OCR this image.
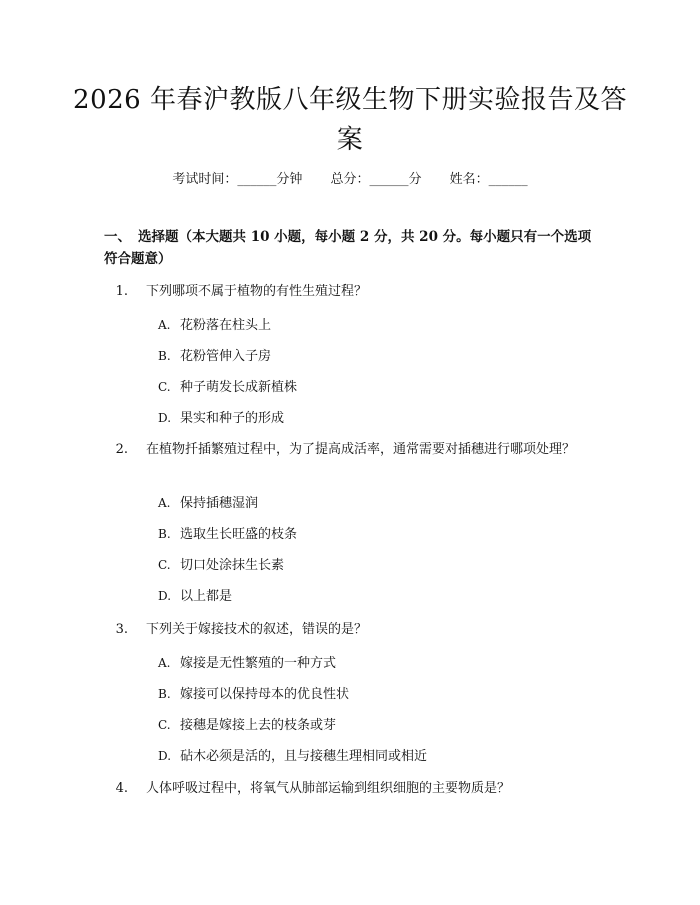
2026 年春沪教版八年级生物下册实验报告及答案
考试时间：______分钟 总分：______分 姓名：______
一、 选择题（本大题共 10 小题，每小题 2 分，共 20 分。每小题只有一个选项符合题意）
1. 下列哪项不属于植物的有性生殖过程？
A. 花粉落在柱头上
B. 花粉管伸入子房
C. 种子萌发长成新植株
D. 果实和种子的形成
2. 在植物扦插繁殖过程中，为了提高成活率，通常需要对插穗进行哪项处理？
A. 保持插穗湿润
B. 选取生长旺盛的枝条
C. 切口处涂抹生长素
D. 以上都是
3. 下列关于嫁接技术的叙述，错误的是？
A. 嫁接是无性繁殖的一种方式
B. 嫁接可以保持母本的优良性状
C. 接穗是嫁接上去的枝条或芽
D. 砧木必须是活的，且与接穗生理相同或相近
4. 人体呼吸过程中，将氧气从肺部运输到组织细胞的主要物质是？
